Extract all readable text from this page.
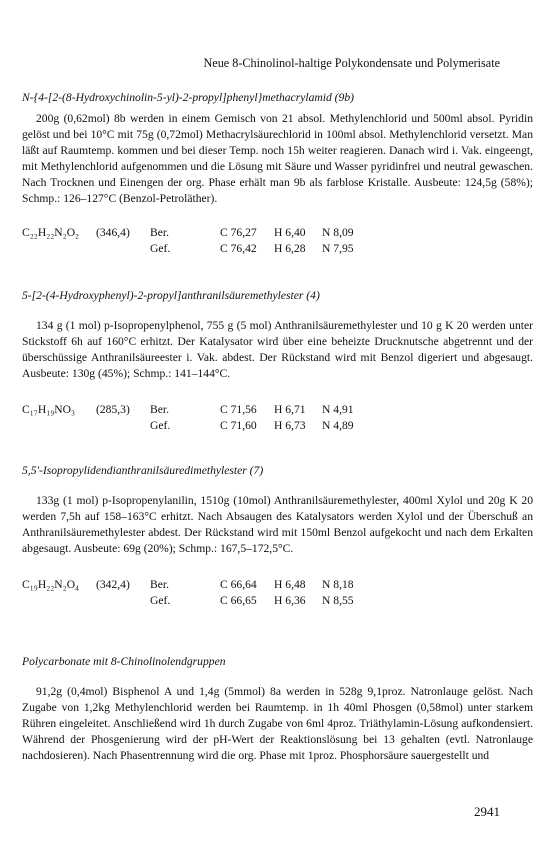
Neue 8-Chinolinol-haltige Polykondensate und Polymerisate
N-{4-[2-(8-Hydroxychinolin-5-yl)-2-propyl]phenyl}methacrylamid (9b)

200g (0,62mol) 8b werden in einem Gemisch von 21 absol. Methylenchlorid und 500ml absol. Pyridin gelöst und bei 10°C mit 75g (0,72mol) Methacrylsäurechlorid in 100ml absol. Methylenchlorid versetzt. Man läßt auf Raumtemp. kommen und bei dieser Temp. noch 15h weiter reagieren. Danach wird i. Vak. eingeengt, mit Methylenchlorid aufgenommen und die Lösung mit Säure und Wasser pyridinfrei und neutral gewaschen. Nach Trocknen und Einengen der org. Phase erhält man 9b als farblose Kristalle. Ausbeute: 124,5g (58%); Schmp.: 126–127°C (Benzol-Petroläther).

C₂₂H₂₂N₂O₂	(346,4)	Ber.	C 76,27	H 6,40	N 8,09
Gef.	C 76,42	H 6,28	N 7,95
5-[2-(4-Hydroxyphenyl)-2-propyl]anthranilsäuremethylester (4)

134 g (1 mol) p-Isopropenylphenol, 755 g (5 mol) Anthranilsäuremethylester und 10 g K 20 werden unter Stickstoff 6h auf 160°C erhitzt. Der Katalysator wird über eine beheizte Drucknutsche abgetrennt und der überschüssige Anthranilsäureester i. Vak. abdest. Der Rückstand wird mit Benzol digeriert und abgesaugt. Ausbeute: 130g (45%); Schmp.: 141–144°C.

C₁₇H₁₉NO₃	(285,3)	Ber.	C 71,56	H 6,71	N 4,91
Gef.	C 71,60	H 6,73	N 4,89
5,5'-Isopropylidendianthranilsäuredimethylester (7)

133g (1 mol) p-Isopropenylanilin, 1510g (10mol) Anthranilsäuremethylester, 400ml Xylol und 20g K 20 werden 7,5h auf 158–163°C erhitzt. Nach Absaugen des Katalysators werden Xylol und der Überschuß an Anthranilsäuremethylester abdest. Der Rückstand wird mit 150ml Benzol aufgekocht und nach dem Erkalten abgesaugt. Ausbeute: 69g (20%); Schmp.: 167,5–172,5°C.

C₁₉H₂₂N₂O₄	(342,4)	Ber.	C 66,64	H 6,48	N 8,18
Gef.	C 66,65	H 6,36	N 8,55
Polycarbonate mit 8-Chinolinolendgruppen

91,2g (0,4mol) Bisphenol A und 1,4g (5mmol) 8a werden in 528g 9,1proz. Natronlauge gelöst. Nach Zugabe von 1,2kg Methylenchlorid werden bei Raumtemp. in 1h 40ml Phosgen (0,58mol) unter starkem Rühren eingeleitet. Anschließend wird 1h durch Zugabe von 6ml 4proz. Triäthylamin-Lösung aufkondensiert. Während der Phosgenierung wird der pH-Wert der Reaktionslösung bei 13 gehalten (evtl. Natronlauge nachdosieren). Nach Phasentrennung wird die org. Phase mit 1proz. Phosphorsäure sauergestellt und

2941
